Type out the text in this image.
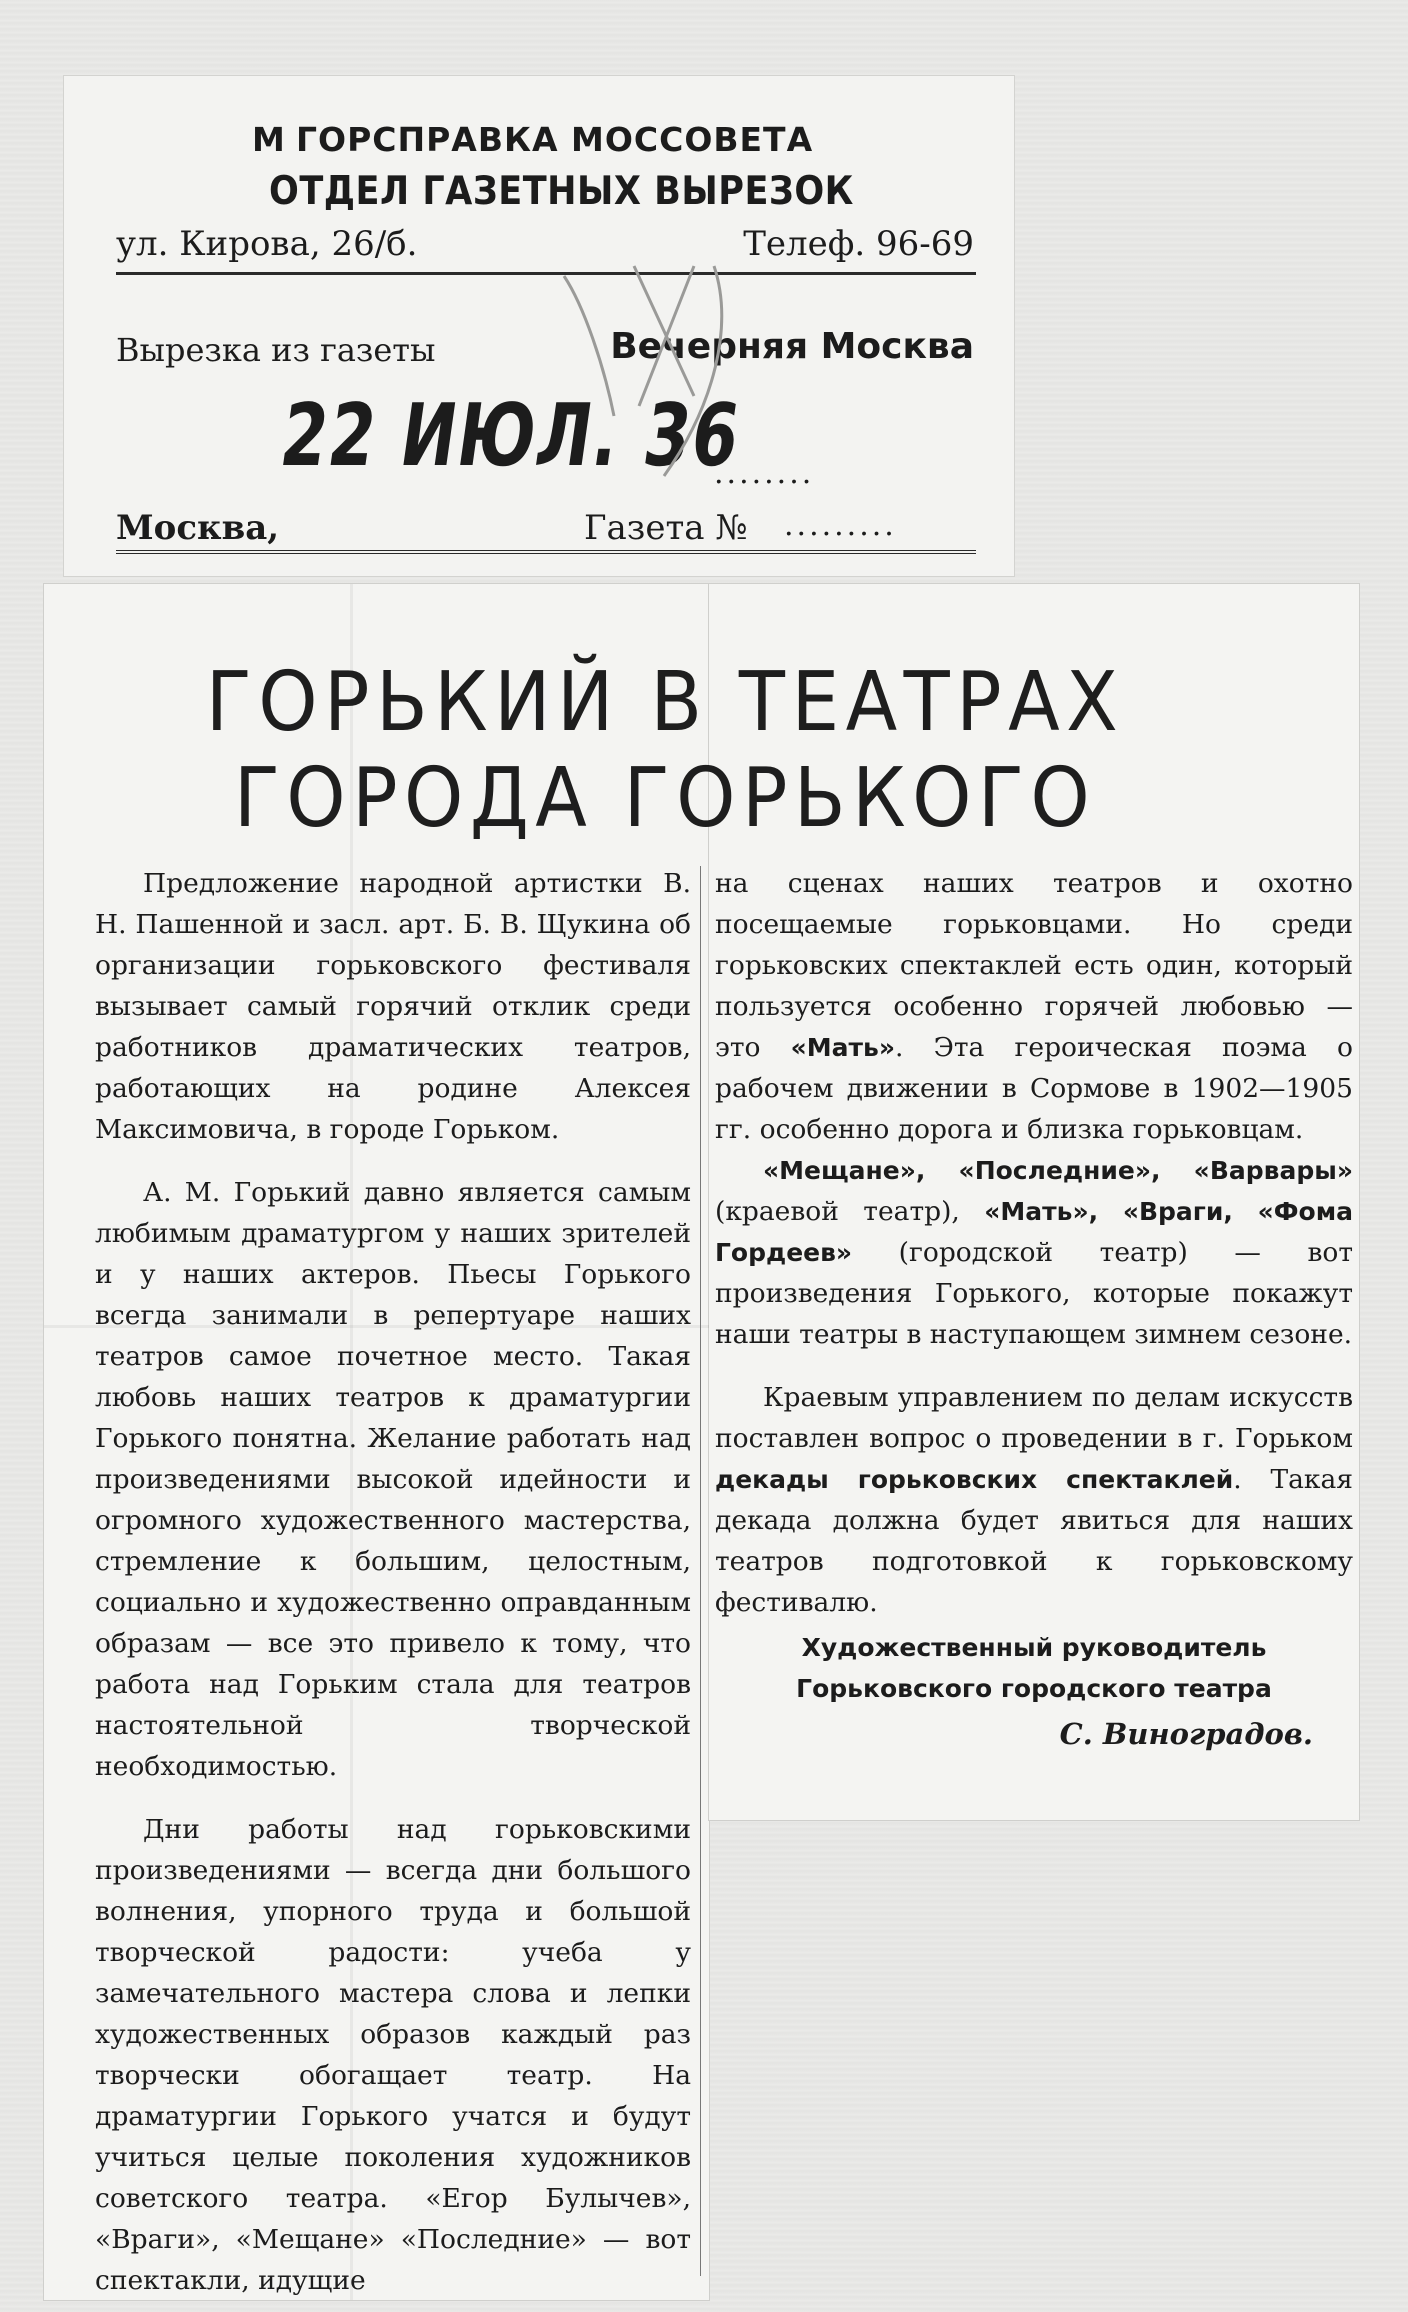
М ГОРСПРАВКА МОССОВЕТА
ОТДЕЛ ГАЗЕТНЫХ ВЫРЕЗОК
ул. Кирова, 26/б.	Телеф. 96-69
Вырезка из газеты	Вечерняя Москва
22 ИЮЛ. 36
........
Москва,	Газета № .........
ГОРЬКИЙ В ТЕАТРАХ
ГОРОДА ГОРЬКОГО

Предложение народной артистки В. Н. Пашенной и засл. арт. Б. В. Щукина об организации горьковского фестиваля вызывает самый горячий отклик среди работников драматических театров, работающих на родине Алексея Максимовича, в городе Горьком.

А. М. Горький давно является самым любимым драматургом у наших зрителей и у наших актеров. Пьесы Горького всегда занимали в репертуаре наших театров самое почетное место. Такая любовь наших театров к драматургии Горького понятна. Желание работать над произведениями высокой идейности и огромного художественного мастерства, стремление к большим, целостным, социально и художественно оправданным образам — все это привело к тому, что работа над Горьким стала для театров настоятельной творческой необходимостью.

Дни работы над горьковскими произведениями — всегда дни большого волнения, упорного труда и большой творческой радости: учеба у замечательного мастера слова и лепки художественных образов каждый раз творчески обогащает театр. На драматургии Горького учатся и будут учиться целые поколения художников советского театра. «Егор Булычев», «Враги», «Мещане» «Последние» — вот спектакли, идущие

на сценах наших театров и охотно посещаемые горьковцами. Но среди горьковских спектаклей есть один, который пользуется особенно горячей любовью — это «Мать». Эта героическая поэма о рабочем движении в Сормове в 1902—1905 гг. особенно дорога и близка горьковцам.

«Мещане», «Последние», «Варвары» (краевой театр), «Мать», «Враги, «Фома Гордеев» (городской театр) — вот произведения Горького, которые покажут наши театры в наступающем зимнем сезоне.

Краевым управлением по делам искусств поставлен вопрос о проведении в г. Горьком декады горьковских спектаклей. Такая декада должна будет явиться для наших театров подготовкой к горьковскому фестивалю.

Художественный руководитель
Горьковского городского театра
С. Виноградов.
